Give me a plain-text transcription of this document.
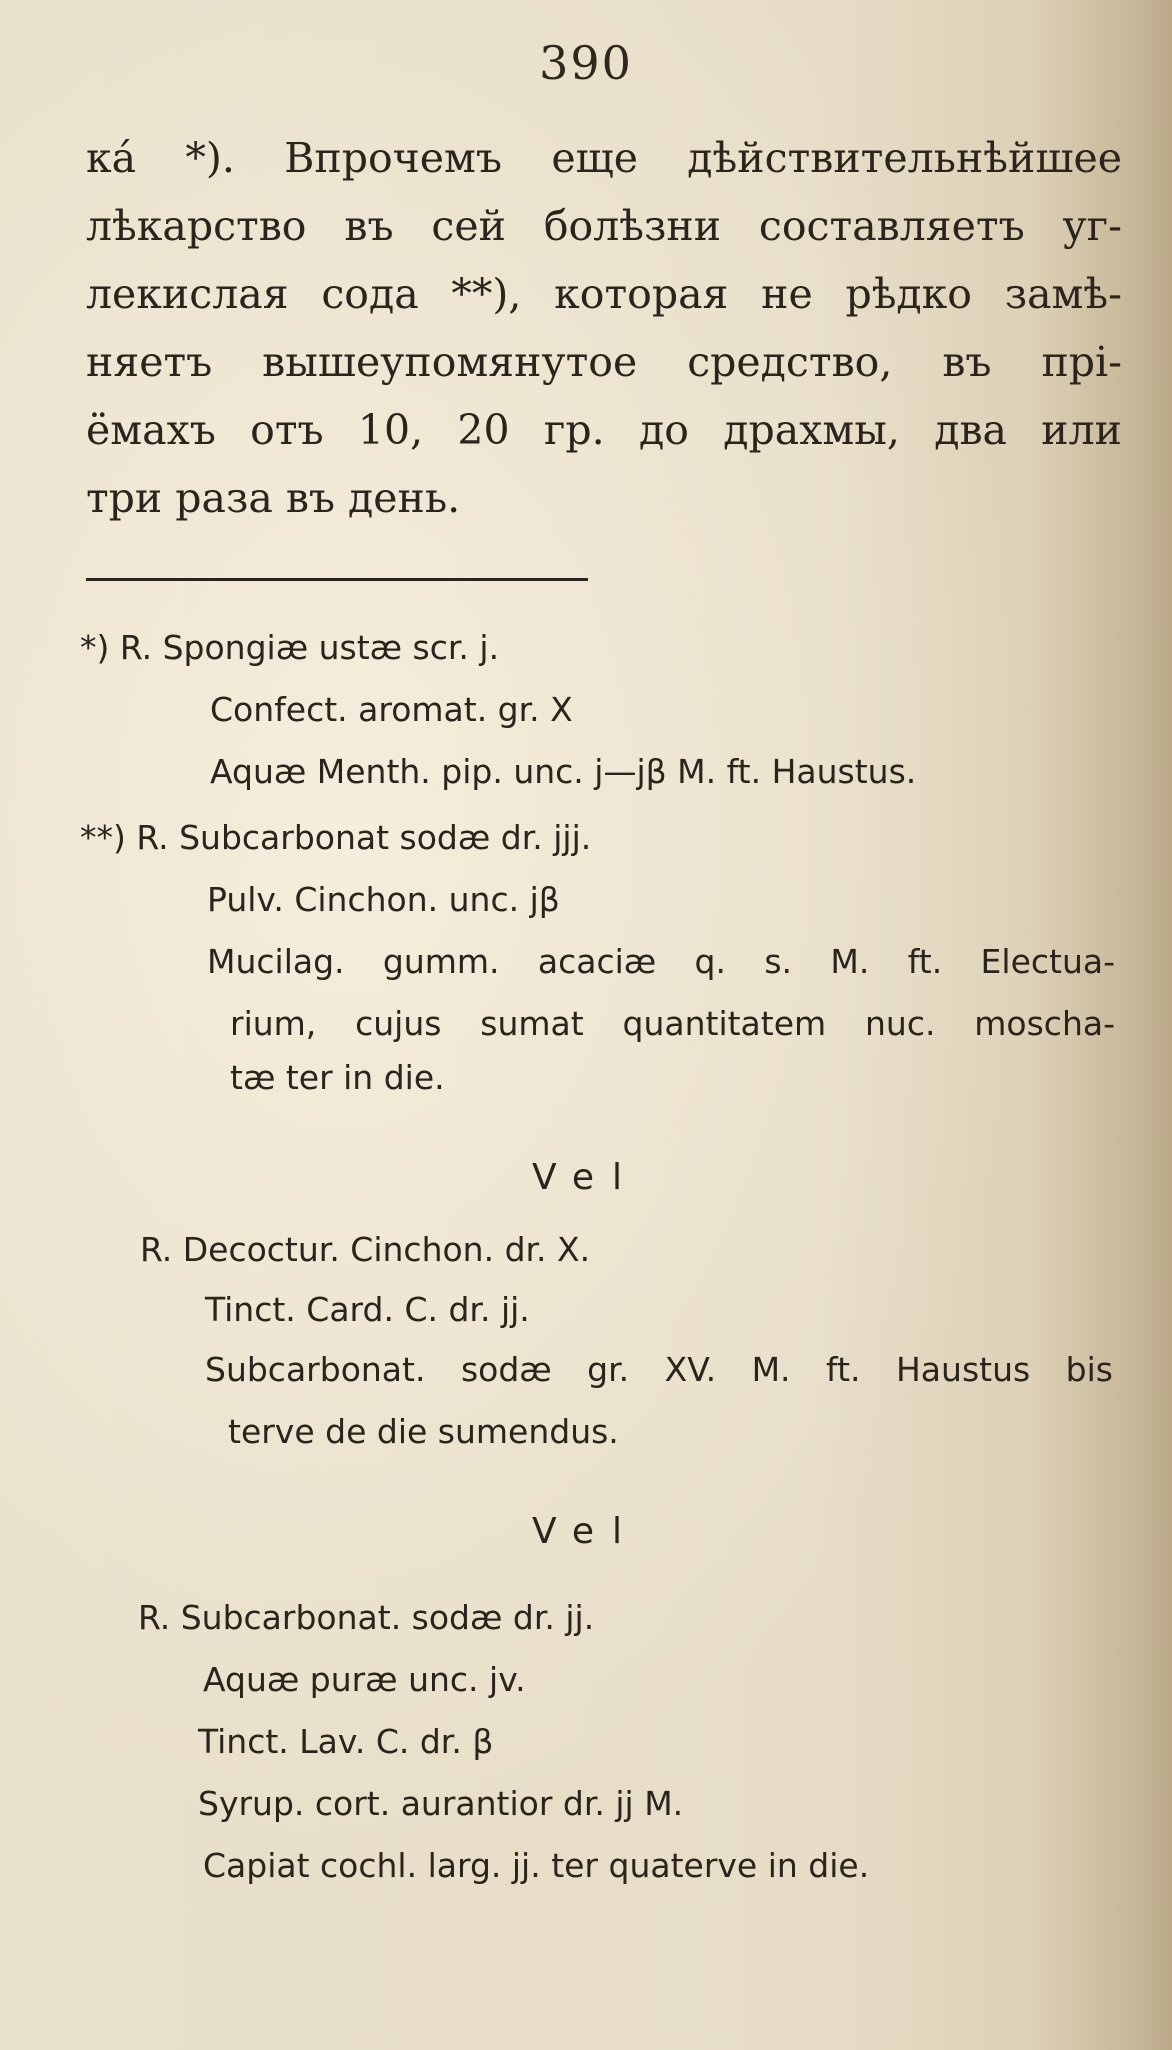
390
ка́ *). Впрочемъ еще дѣйствительнѣйшее
лѣкарство въ сей болѣзни составляетъ уг-
лекислая сода **), которая не рѣдко замѣ-
няетъ вышеупомянутое средство, въ прі-
ёмахъ отъ 10, 20 гр. до драхмы, два или
три раза въ день.
*) R. Spongiæ ustæ scr. j.
Confect. aromat. gr. X
Aquæ Menth. pip. unc. j—jβ M. ft. Haustus.
**) R. Subcarbonat sodæ dr. jjj.
Pulv. Cinchon. unc. jβ
Mucilag. gumm. acaciæ q. s. M. ft. Electua-
rium, cujus sumat quantitatem nuc. moscha-
tæ ter in die.
Vel
R. Decoctur. Cinchon. dr. X.
Tinct. Card. C. dr. jj.
Subcarbonat. sodæ gr. XV. M. ft. Haustus bis
terve de die sumendus.
Vel
R. Subcarbonat. sodæ dr. jj.
Aquæ puræ unc. jv.
Tinct. Lav. C. dr. β
Syrup. cort. aurantior dr. jj M.
Capiat cochl. larg. jj. ter quaterve in die.
